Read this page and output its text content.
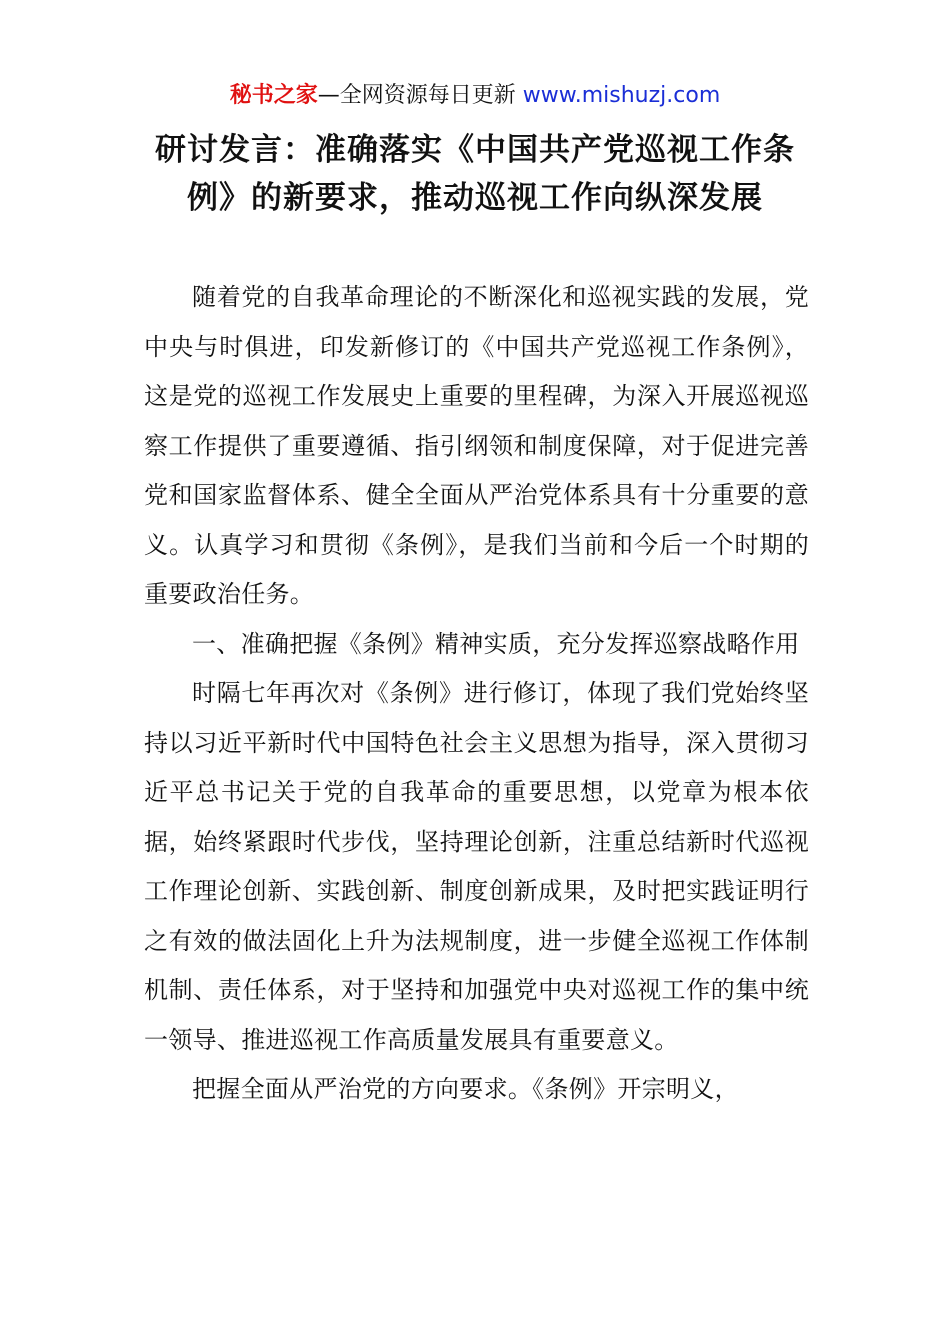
秘书之家—全网资源每日更新 www.mishuzj.com
研讨发言：准确落实《中国共产党巡视工作条
例》的新要求，推动巡视工作向纵深发展

随着党的自我革命理论的不断深化和巡视实践的发展，党中央与时俱进，印发新修订的《中国共产党巡视工作条例》，这是党的巡视工作发展史上重要的里程碑，为深入开展巡视巡察工作提供了重要遵循、指引纲领和制度保障，对于促进完善党和国家监督体系、健全全面从严治党体系具有十分重要的意义。认真学习和贯彻《条例》，是我们当前和今后一个时期的重要政治任务。

一、准确把握《条例》精神实质，充分发挥巡察战略作用

时隔七年再次对《条例》进行修订，体现了我们党始终坚持以习近平新时代中国特色社会主义思想为指导，深入贯彻习近平总书记关于党的自我革命的重要思想，以党章为根本依据，始终紧跟时代步伐，坚持理论创新，注重总结新时代巡视工作理论创新、实践创新、制度创新成果，及时把实践证明行之有效的做法固化上升为法规制度，进一步健全巡视工作体制机制、责任体系，对于坚持和加强党中央对巡视工作的集中统一领导、推进巡视工作高质量发展具有重要意义。

把握全面从严治党的方向要求。《条例》开宗明义，
